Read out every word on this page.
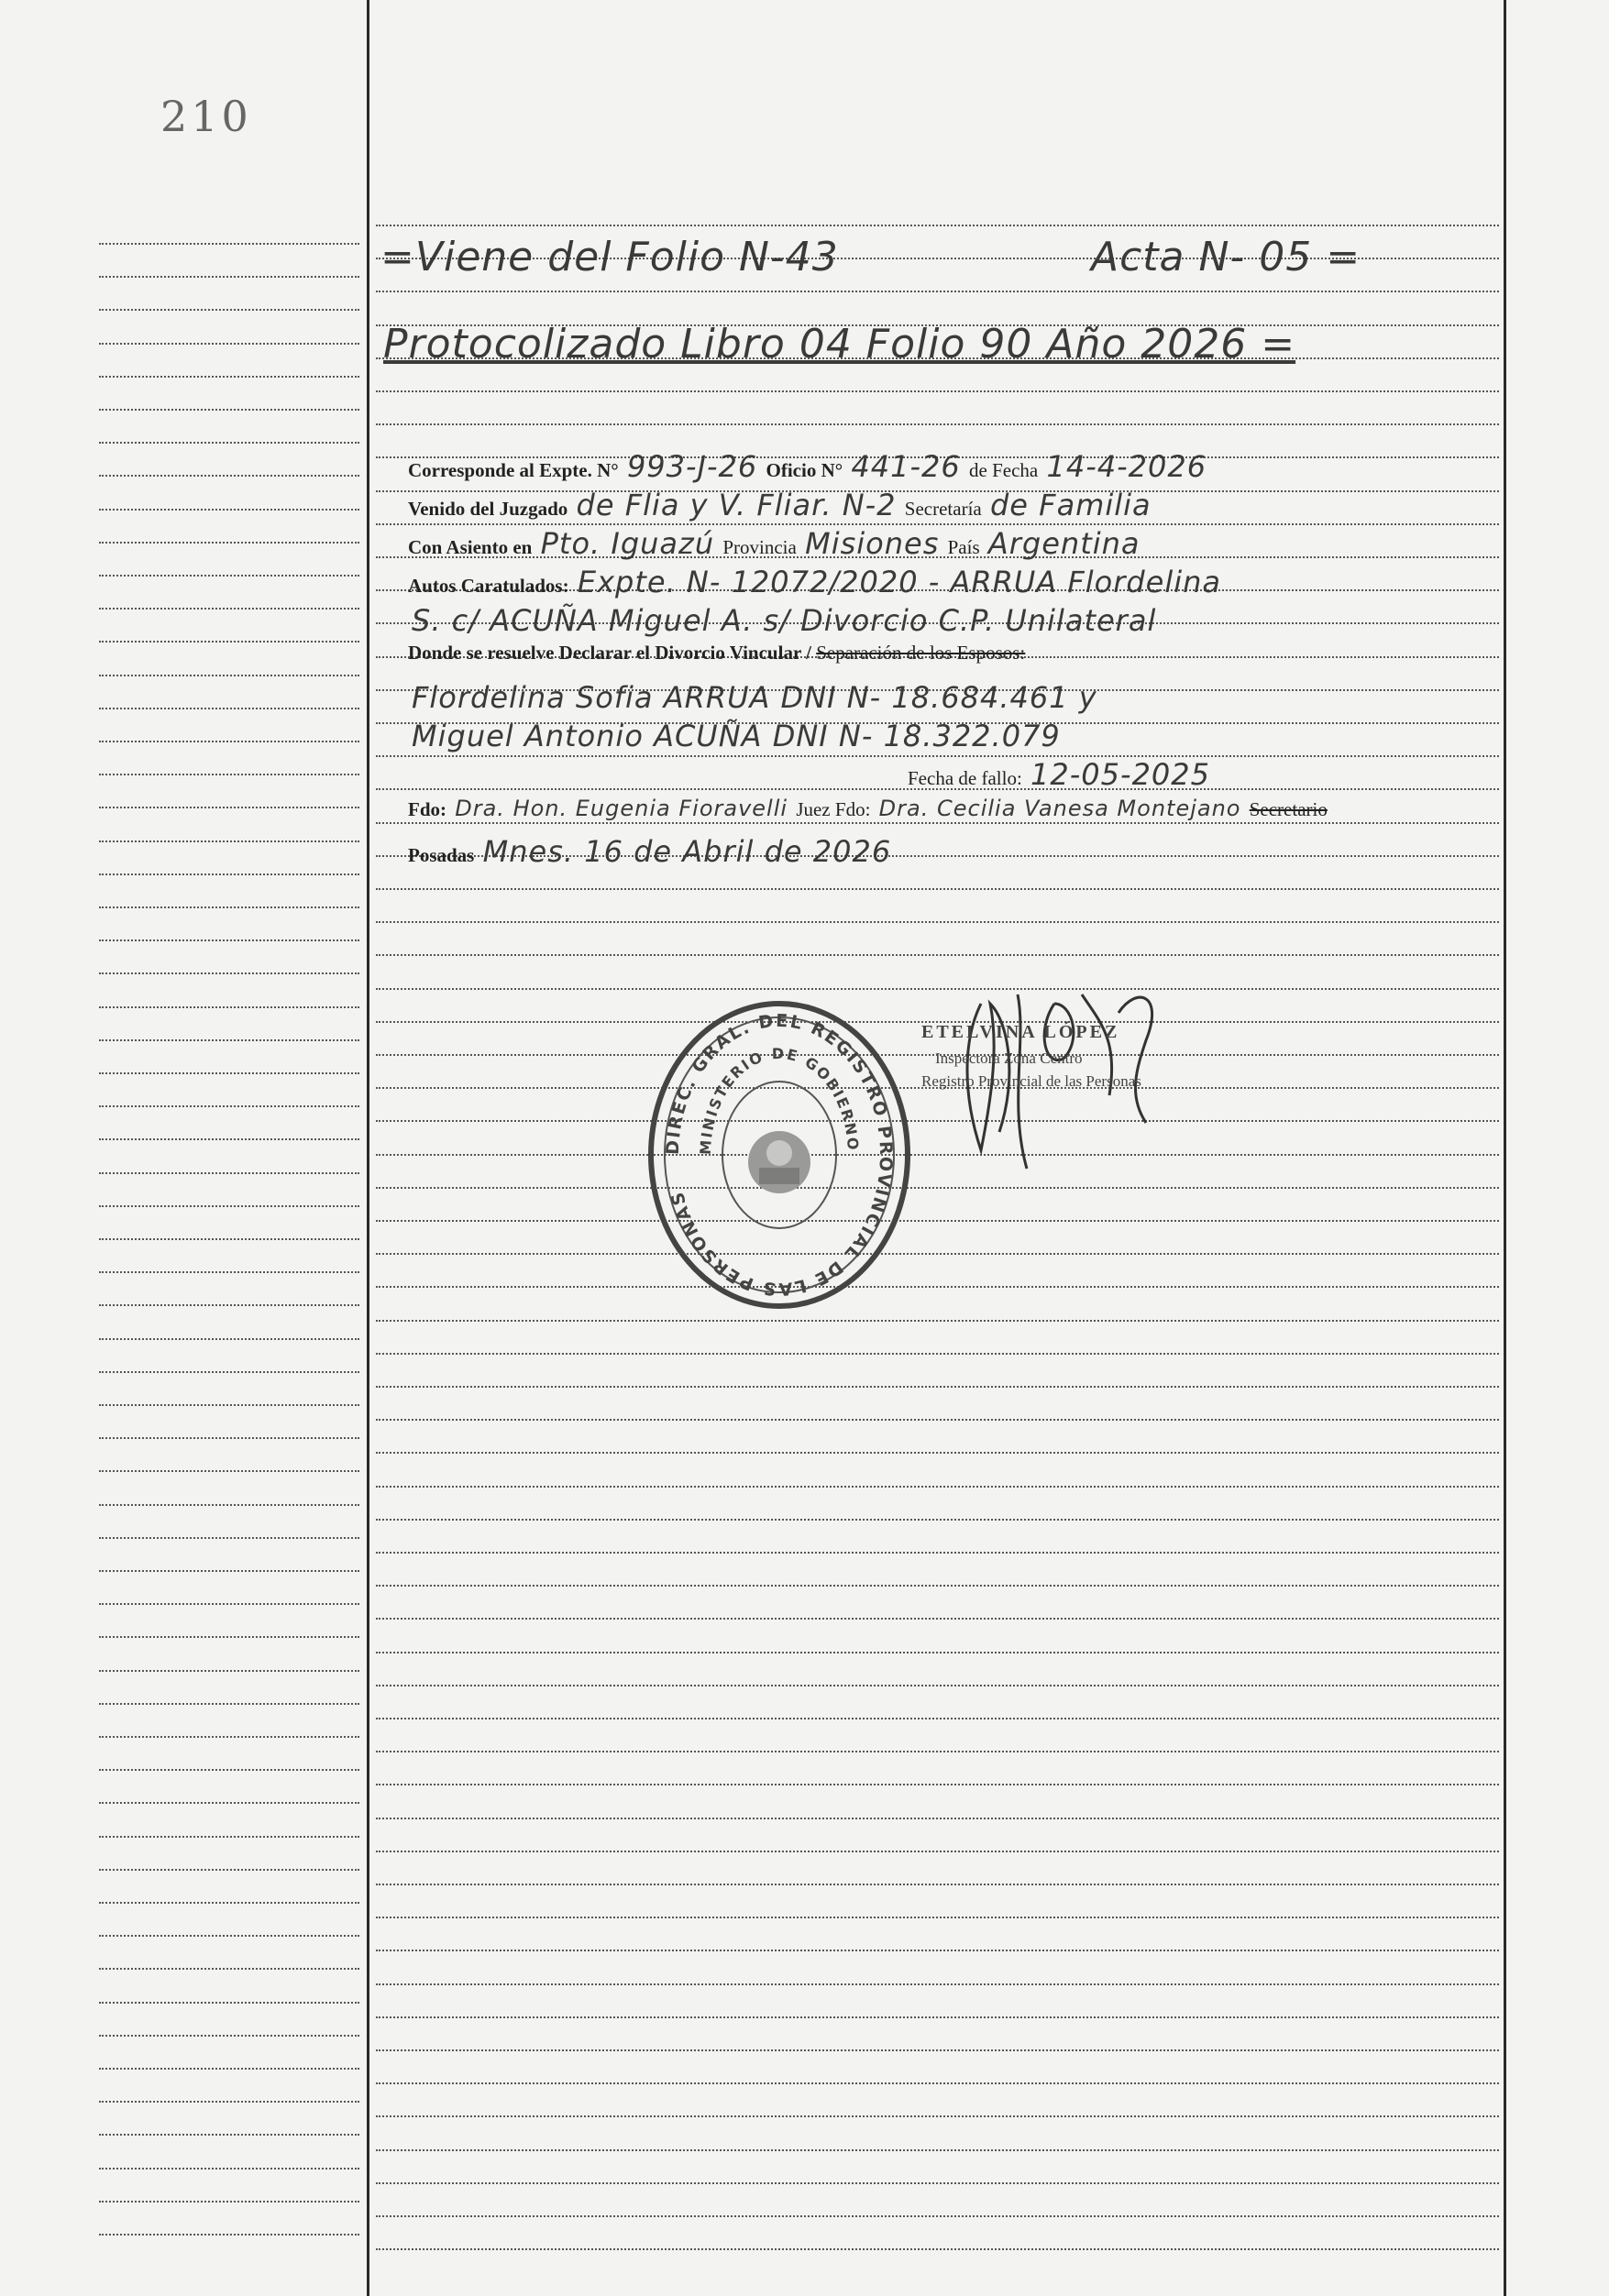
210
=Viene del Folio N-43	Acta N- 05 =
Protocolizado Libro 04 Folio 90 Año 2026 =
Corresponde al Expte. N° 993-J-26 Oficio N° 441-26 de Fecha 14-4-2026
Venido del Juzgado de Flia y V. Fliar. N-2 Secretaría de Familia
Con Asiento en Pto. Iguazú Provincia Misiones País Argentina
Autos Caratulados: Expte. N- 12072/2020 - ARRUA Flordelina
S. c/ ACUÑA Miguel A. s/ Divorcio C.P. Unilateral
Donde se resuelve Declarar el Divorcio Vincular / Separación de los Esposos:
Flordelina Sofia ARRUA DNI N- 18.684.461 y
Miguel Antonio ACUÑA DNI N- 18.322.079
Fecha de fallo: 12-05-2025
Fdo: Dra. Hon. Eugenia Fioravelli Juez Fdo: Dra. Cecilia Vanesa Montejano Secretario
Posadas Mnes. 16 de Abril de 2026
DIREC. GRAL. DEL REGISTRO PROVINCIAL DE LAS PERSONAS
MINISTERIO DE GOBIERNO
ETELVINA LÓPEZ
Inspectora Zona Centro
Registro Provincial de las Personas
